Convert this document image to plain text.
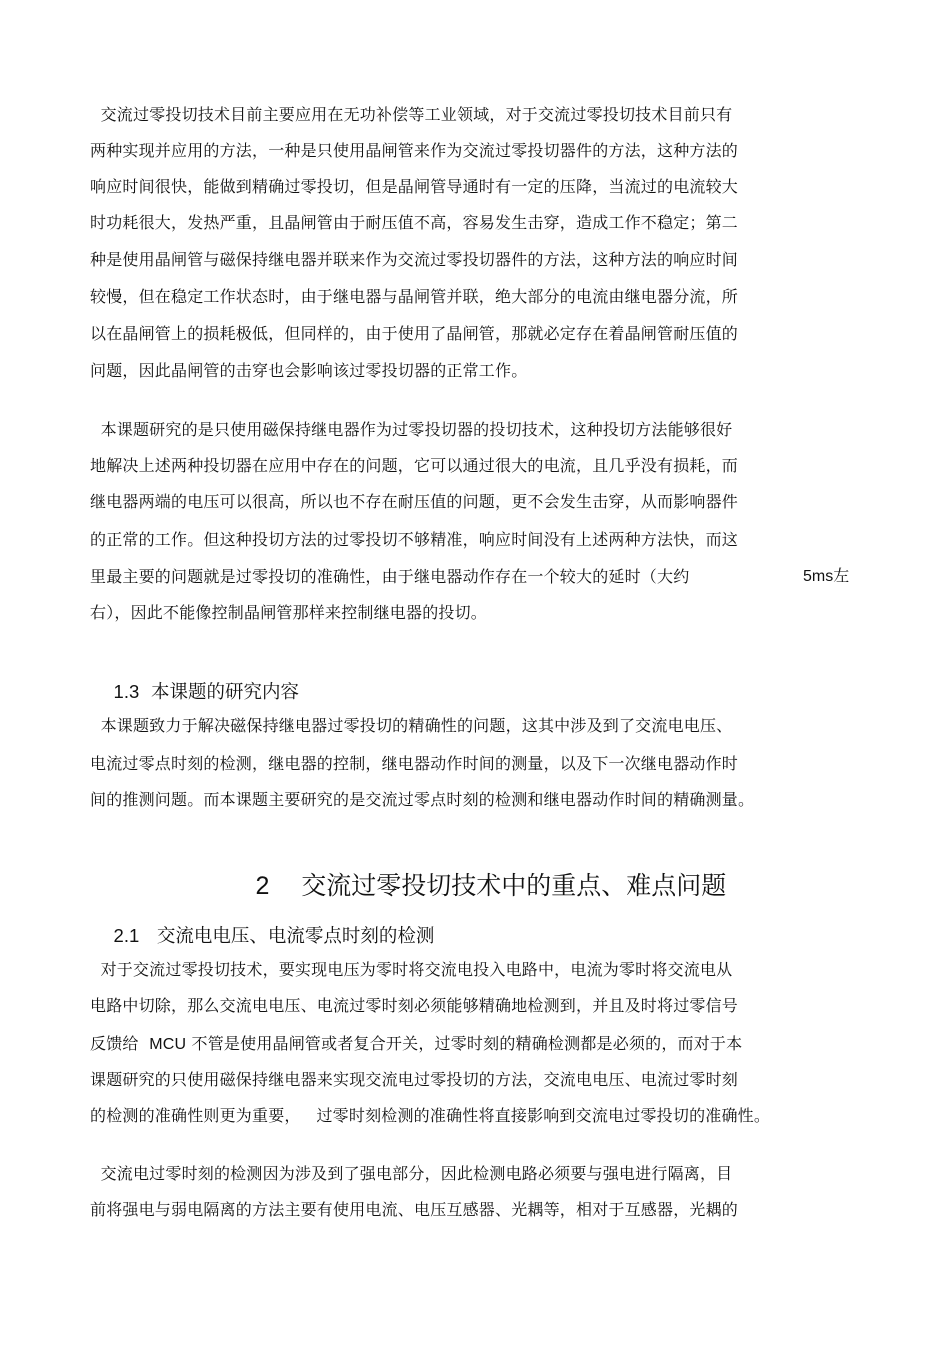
交流过零投切技术目前主要应用在无功补偿等工业领域，对于交流过零投切技术目前只有
两种实现并应用的方法，一种是只使用晶闸管来作为交流过零投切器件的方法，这种方法的
响应时间很快，能做到精确过零投切，但是晶闸管导通时有一定的压降，当流过的电流较大
时功耗很大，发热严重，且晶闸管由于耐压值不高，容易发生击穿，造成工作不稳定；第二
种是使用晶闸管与磁保持继电器并联来作为交流过零投切器件的方法，这种方法的响应时间
较慢，但在稳定工作状态时，由于继电器与晶闸管并联，绝大部分的电流由继电器分流，所
以在晶闸管上的损耗极低，但同样的，由于使用了晶闸管，那就必定存在着晶闸管耐压值的
问题，因此晶闸管的击穿也会影响该过零投切器的正常工作。
本课题研究的是只使用磁保持继电器作为过零投切器的投切技术，这种投切方法能够很好
地解决上述两种投切器在应用中存在的问题，它可以通过很大的电流，且几乎没有损耗，而
继电器两端的电压可以很高，所以也不存在耐压值的问题，更不会发生击穿，从而影响器件
的正常的工作。但这种投切方法的过零投切不够精准，响应时间没有上述两种方法快，而这
里最主要的问题就是过零投切的准确性，由于继电器动作存在一个较大的延时（大约	5ms左
右），因此不能像控制晶闸管那样来控制继电器的投切。

1.3 本课题的研究内容

本课题致力于解决磁保持继电器过零投切的精确性的问题，这其中涉及到了交流电电压、
电流过零点时刻的检测，继电器的控制，继电器动作时间的测量，以及下一次继电器动作时
间的推测问题。而本课题主要研究的是交流过零点时刻的检测和继电器动作时间的精确测量。

2 交流过零投切技术中的重点、难点问题

2.1 交流电电压、电流零点时刻的检测

对于交流过零投切技术，要实现电压为零时将交流电投入电路中，电流为零时将交流电从
电路中切除，那么交流电电压、电流过零时刻必须能够精确地检测到，并且及时将过零信号
反馈给 MCU 不管是使用晶闸管或者复合开关，过零时刻的精确检测都是必须的，而对于本
课题研究的只使用磁保持继电器来实现交流电过零投切的方法，交流电电压、电流过零时刻
的检测的准确性则更为重要， 过零时刻检测的准确性将直接影响到交流电过零投切的准确性。
交流电过零时刻的检测因为涉及到了强电部分，因此检测电路必须要与强电进行隔离，目
前将强电与弱电隔离的方法主要有使用电流、电压互感器、光耦等，相对于互感器，光耦的
